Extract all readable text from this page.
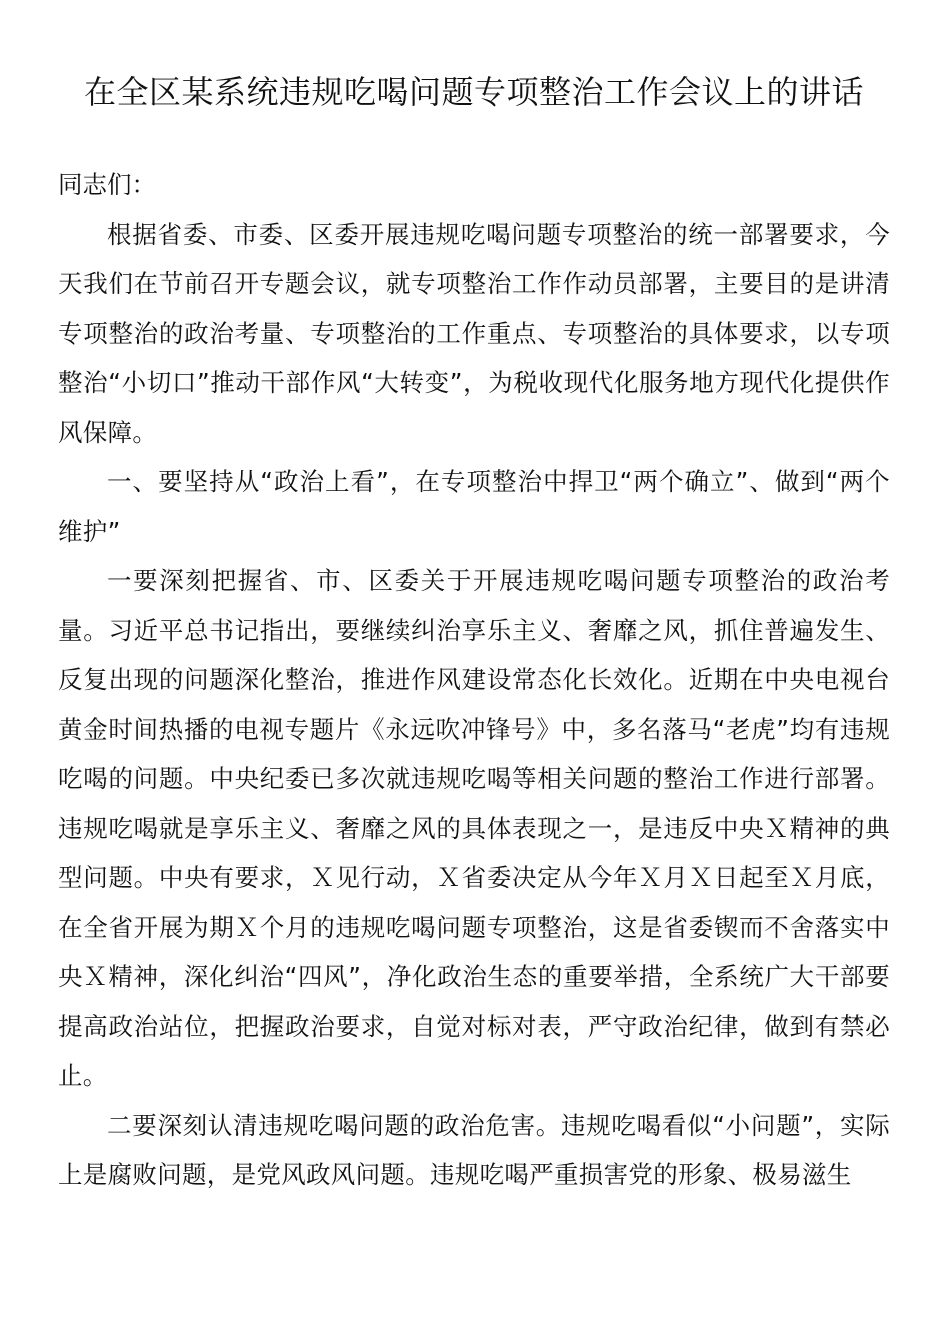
在全区某系统违规吃喝问题专项整治工作会议上的讲话

同志们：

根据省委、市委、区委开展违规吃喝问题专项整治的统一部署要求，今天我们在节前召开专题会议，就专项整治工作作动员部署，主要目的是讲清专项整治的政治考量、专项整治的工作重点、专项整治的具体要求，以专项整治“小切口”推动干部作风“大转变”，为税收现代化服务地方现代化提供作风保障。

一、要坚持从“政治上看”，在专项整治中捍卫“两个确立”、做到“两个维护”

一要深刻把握省、市、区委关于开展违规吃喝问题专项整治的政治考量。习近平总书记指出，要继续纠治享乐主义、奢靡之风，抓住普遍发生、反复出现的问题深化整治，推进作风建设常态化长效化。近期在中央电视台黄金时间热播的电视专题片《永远吹冲锋号》中，多名落马“老虎”均有违规吃喝的问题。中央纪委已多次就违规吃喝等相关问题的整治工作进行部署。违规吃喝就是享乐主义、奢靡之风的具体表现之一，是违反中央Ｘ精神的典型问题。中央有要求，Ｘ见行动，Ｘ省委决定从今年Ｘ月Ｘ日起至Ｘ月底，在全省开展为期Ｘ个月的违规吃喝问题专项整治，这是省委锲而不舍落实中央Ｘ精神，深化纠治“四风”，净化政治生态的重要举措，全系统广大干部要提高政治站位，把握政治要求，自觉对标对表，严守政治纪律，做到有禁必止。

二要深刻认清违规吃喝问题的政治危害。违规吃喝看似“小问题”，实际上是腐败问题，是党风政风问题。违规吃喝严重损害党的形象、极易滋生
